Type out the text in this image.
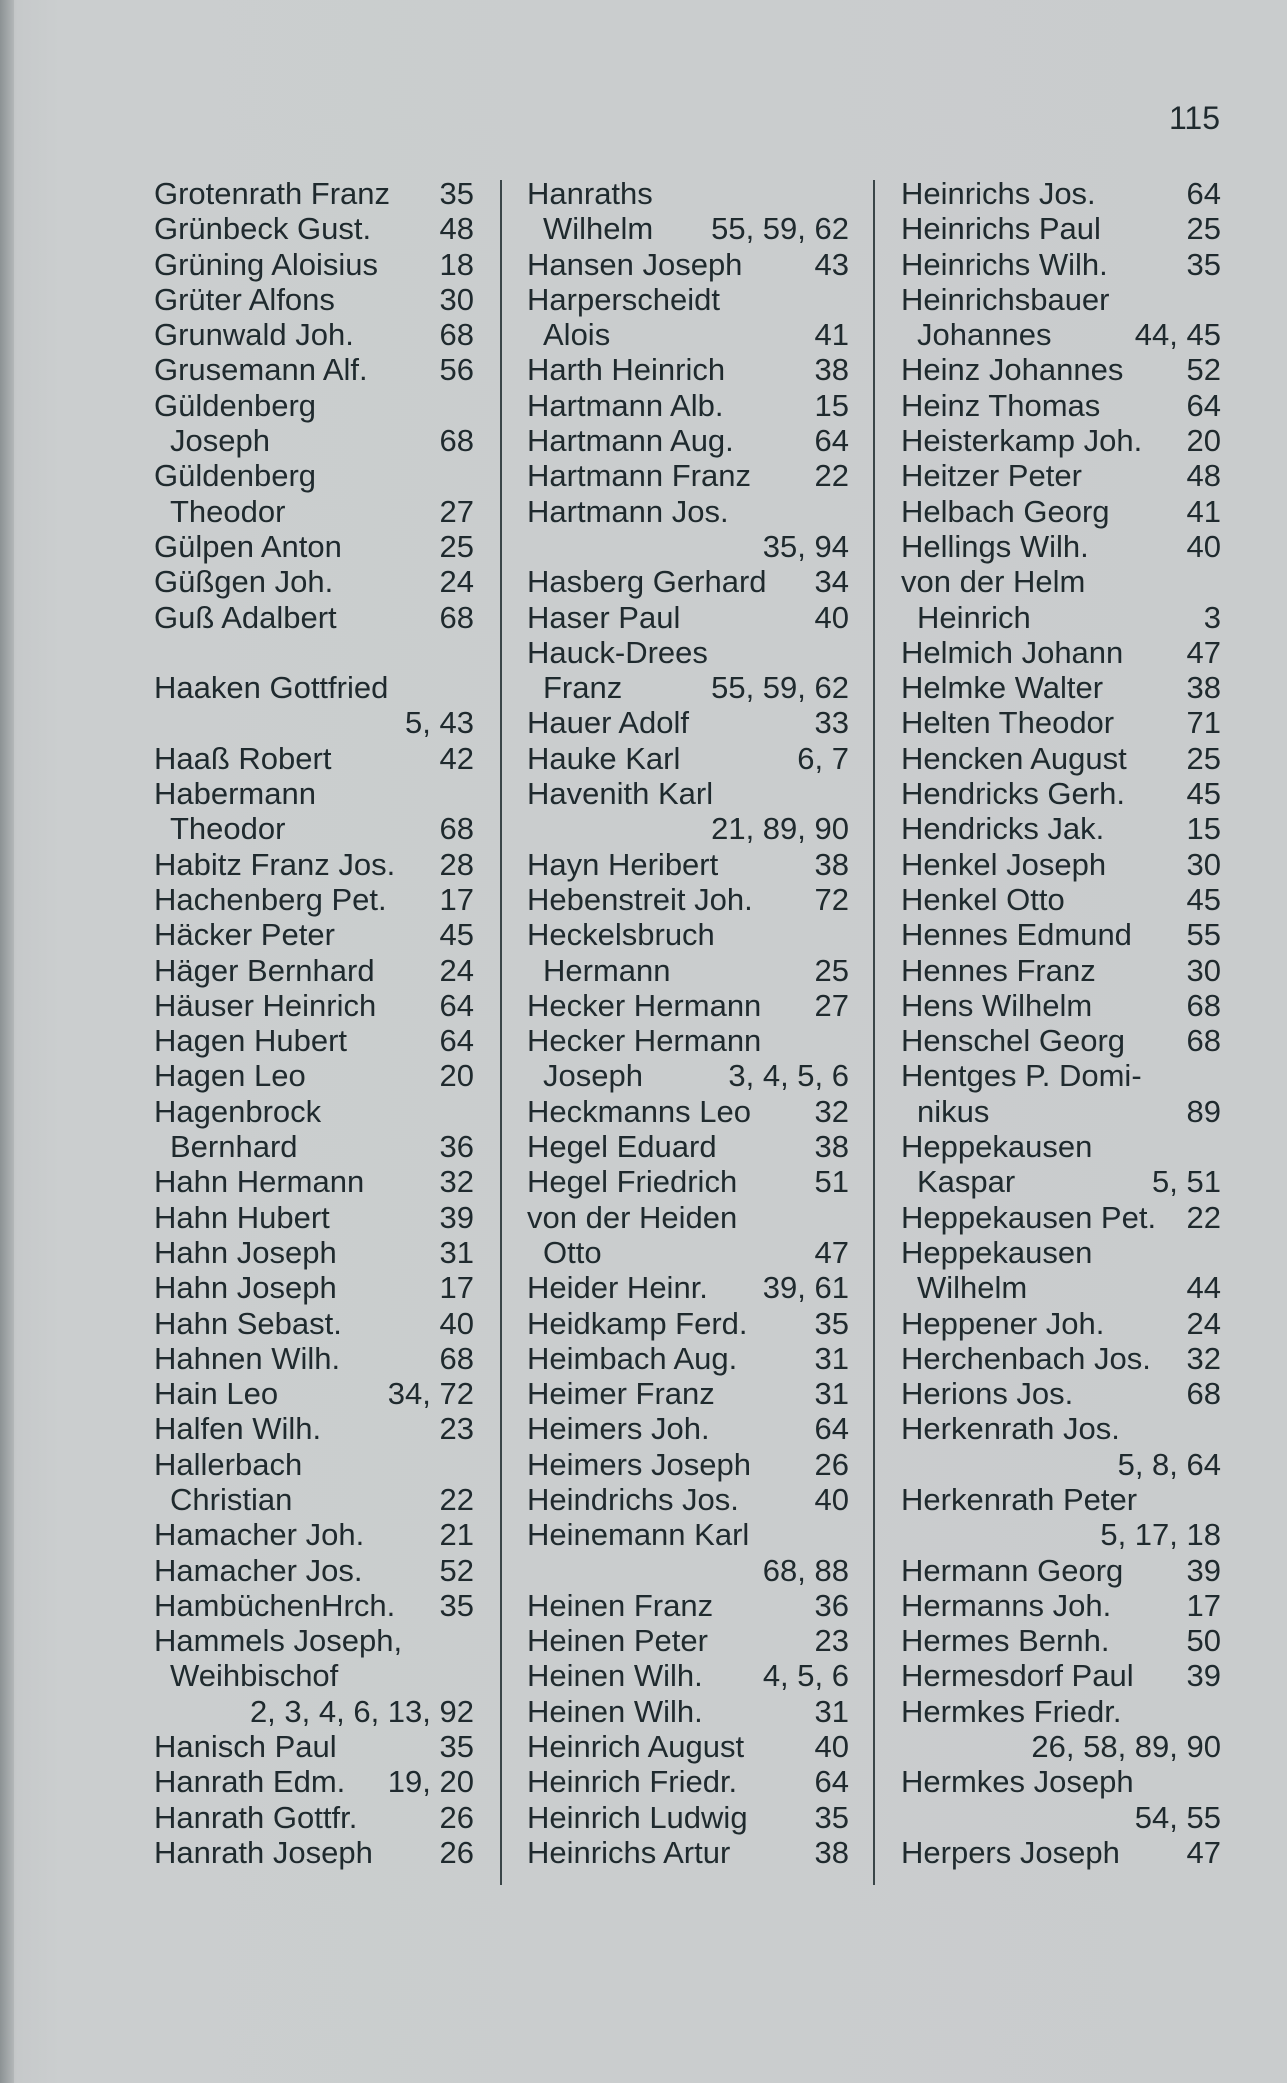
115
Grotenrath Franz 35
Grünbeck Gust. 48
Grüning Aloisius 18
Grüter Alfons	30
Grunwald Joh.	68
Grusemann Alf. 56
Güldenberg
Joseph	68
Güldenberg
Theodor	27
Gülpen Anton	25
Güßgen Joh.	24
Guß Adalbert	68
Haaken Gottfried
5, 43
Haaß Robert	42
Habermann
Theodor	68
Habitz Franz Jos. 28
Hachenberg Pet. 17
Häcker Peter	45
Häger Bernhard 24
Häuser Heinrich 64
Hagen Hubert	64
Hagen Leo	20
Hagenbrock
Bernhard	36
Hahn Hermann 32
Hahn Hubert	39
Hahn Joseph	31
Hahn Joseph	17
Hahn Sebast.	40
Hahnen Wilh.	68
Hain Leo	34, 72
Halfen Wilh.	23
Hallerbach
Christian	22
Hamacher Joh. 21
Hamacher Jos. 52
HambüchenHrch. 35
Hammels Joseph,
Weihbischof
2, 3, 4, 6, 13, 92
Hanisch Paul	35
Hanrath Edm. 19, 20
Hanrath Gottfr.	26
Hanrath Joseph 26
Hanraths
Wilhelm 55, 59, 62
Hansen Joseph 43
Harperscheidt
Alois	41
Harth Heinrich	38
Hartmann Alb.	15
Hartmann Aug.	64
Hartmann Franz 22
Hartmann Jos.
35, 94
Hasberg Gerhard 34
Haser Paul	40
Hauck-Drees
Franz	55, 59, 62
Hauer Adolf	33
Hauke Karl	6, 7
Havenith Karl
21, 89, 90
Hayn Heribert	38
Hebenstreit Joh. 72
Heckelsbruch
Hermann	25
Hecker Hermann 27
Hecker Hermann
Joseph	3, 4, 5, 6
Heckmanns Leo 32
Hegel Eduard	38
Hegel Friedrich 51
von der Heiden
Otto	47
Heider Heinr. 39, 61
Heidkamp Ferd. 35
Heimbach Aug. 31
Heimer Franz	31
Heimers Joh.	64
Heimers Joseph 26
Heindrichs Jos. 40
Heinemann Karl
68, 88
Heinen Franz	36
Heinen Peter	23
Heinen Wilh. 4, 5, 6
Heinen Wilh.	31
Heinrich August 40
Heinrich Friedr. 64
Heinrich Ludwig 35
Heinrichs Artur	38
Heinrichs Jos.	64
Heinrichs Paul	25
Heinrichs Wilh.	35
Heinrichsbauer
Johannes	44, 45
Heinz Johannes 52
Heinz Thomas	64
Heisterkamp Joh. 20
Heitzer Peter	48
Helbach Georg 41
Hellings Wilh.	40
von der Helm
Heinrich	3
Helmich Johann 47
Helmke Walter	38
Helten Theodor 71
Hencken August 25
Hendricks Gerh. 45
Hendricks Jak.	15
Henkel Joseph	30
Henkel Otto	45
Hennes Edmund 55
Hennes Franz	30
Hens Wilhelm	68
Henschel Georg 68
Hentges P. Domi-
nikus	89
Heppekausen
Kaspar	5, 51
Heppekausen Pet. 22
Heppekausen
Wilhelm	44
Heppener Joh.	24
Herchenbach Jos. 32
Herions Jos.	68
Herkenrath Jos.
5, 8, 64
Herkenrath Peter
5, 17, 18
Hermann Georg 39
Hermanns Joh. 17
Hermes Bernh. 50
Hermesdorf Paul 39
Hermkes Friedr.
26, 58, 89, 90
Hermkes Joseph
54, 55
Herpers Joseph 47
